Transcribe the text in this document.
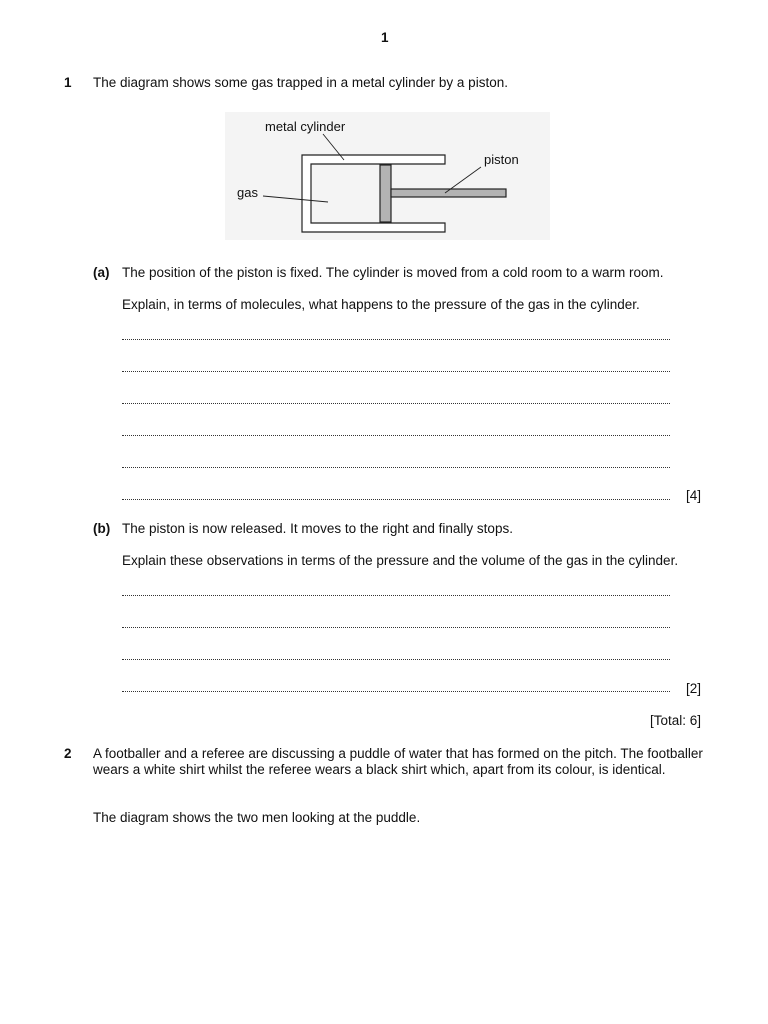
1
1 The diagram shows some gas trapped in a metal cylinder by a piston.
metal cylinder
piston
gas
(a) The position of the piston is fixed. The cylinder is moved from a cold room to a warm room.
Explain, in terms of molecules, what happens to the pressure of the gas in the cylinder.
[4]
(b) The piston is now released. It moves to the right and finally stops.
Explain these observations in terms of the pressure and the volume of the gas in the cylinder.
[2]
[Total: 6]
2 A footballer and a referee are discussing a puddle of water that has formed on the pitch. The footballer wears a white shirt whilst the referee wears a black shirt which, apart from its colour, is identical.
The diagram shows the two men looking at the puddle.
